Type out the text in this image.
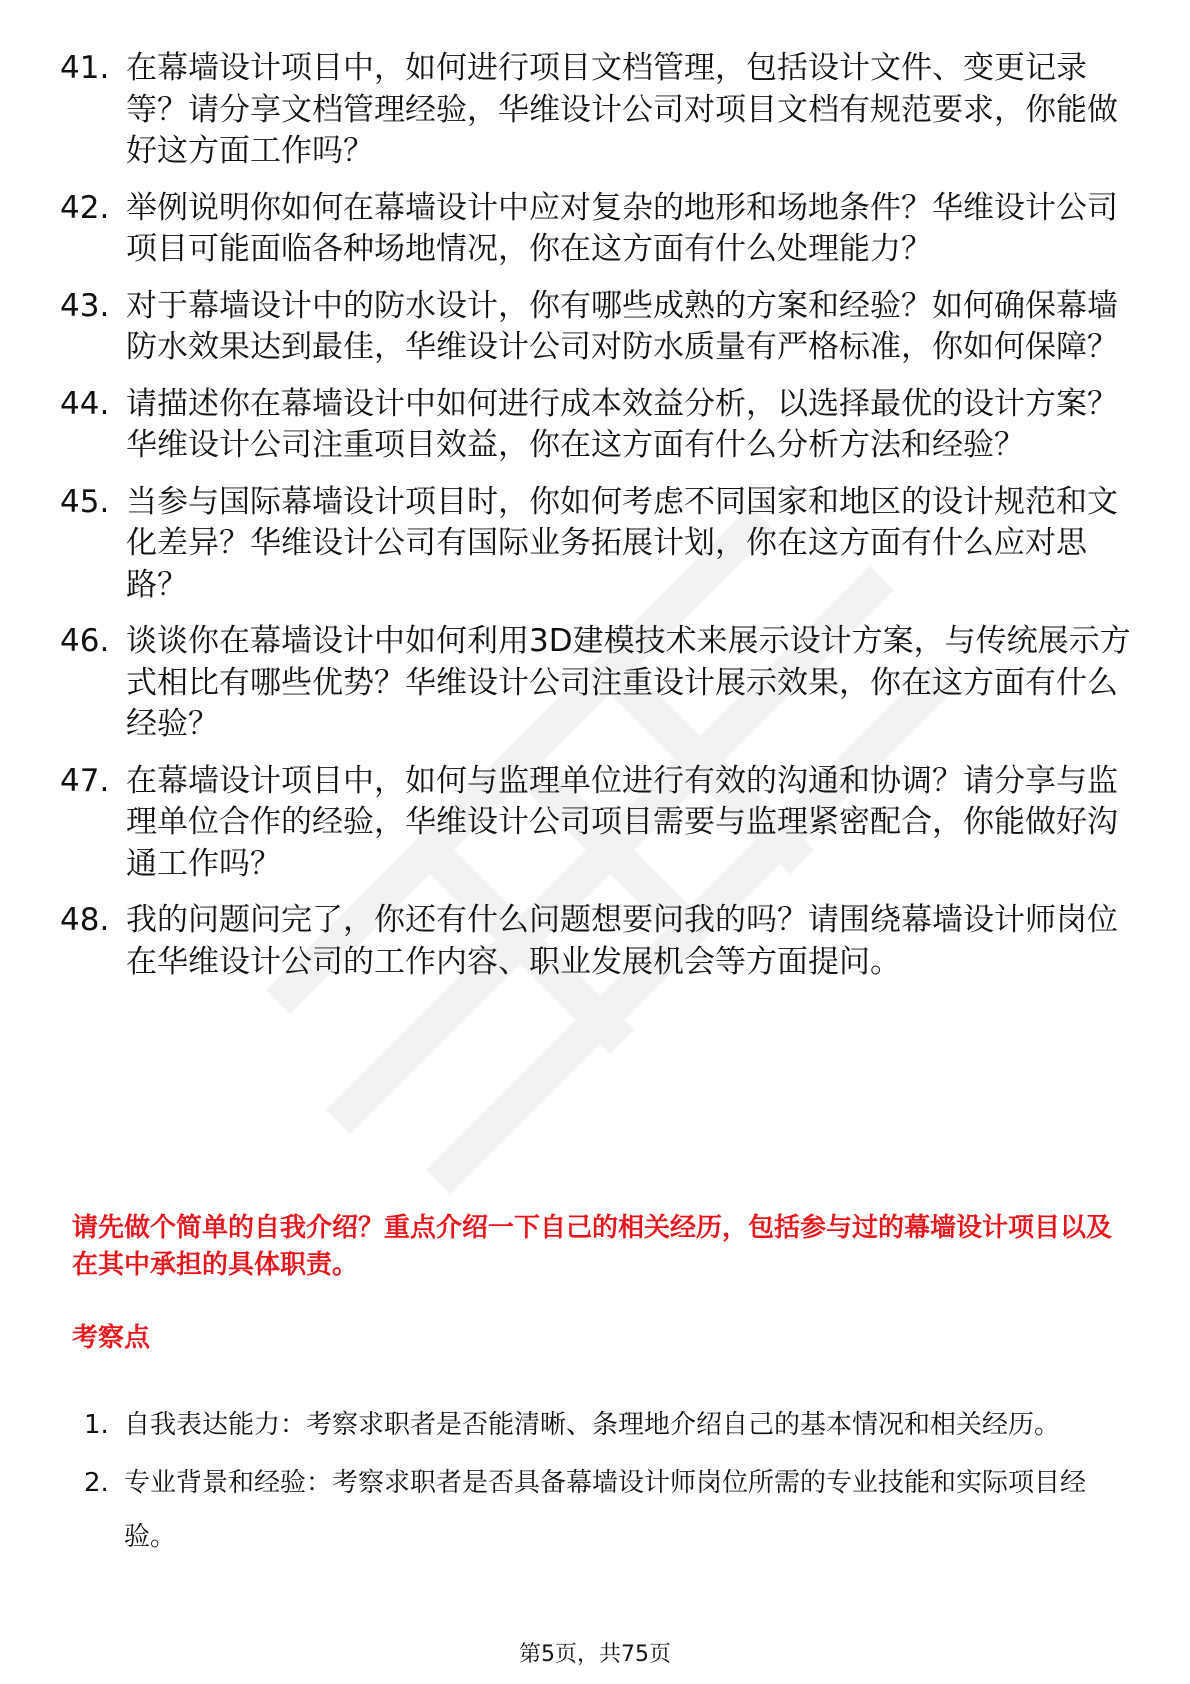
41. 在幕墙设计项目中，如何进行项目文档管理，包括设计文件、变更记录等？请分享文档管理经验，华维设计公司对项目文档有规范要求，你能做好这方面工作吗？
42. 举例说明你如何在幕墙设计中应对复杂的地形和场地条件？华维设计公司项目可能面临各种场地情况，你在这方面有什么处理能力？
43. 对于幕墙设计中的防水设计，你有哪些成熟的方案和经验？如何确保幕墙防水效果达到最佳，华维设计公司对防水质量有严格标准，你如何保障？
44. 请描述你在幕墙设计中如何进行成本效益分析，以选择最优的设计方案？华维设计公司注重项目效益，你在这方面有什么分析方法和经验？
45. 当参与国际幕墙设计项目时，你如何考虑不同国家和地区的设计规范和文化差异？华维设计公司有国际业务拓展计划，你在这方面有什么应对思路？
46. 谈谈你在幕墙设计中如何利用3D建模技术来展示设计方案，与传统展示方式相比有哪些优势？华维设计公司注重设计展示效果，你在这方面有什么经验？
47. 在幕墙设计项目中，如何与监理单位进行有效的沟通和协调？请分享与监理单位合作的经验，华维设计公司项目需要与监理紧密配合，你能做好沟通工作吗？
48. 我的问题问完了，你还有什么问题想要问我的吗？请围绕幕墙设计师岗位在华维设计公司的工作内容、职业发展机会等方面提问。
请先做个简单的自我介绍？重点介绍一下自己的相关经历，包括参与过的幕墙设计项目以及在其中承担的具体职责。
考察点
1. 自我表达能力：考察求职者是否能清晰、条理地介绍自己的基本情况和相关经历。
2. 专业背景和经验：考察求职者是否具备幕墙设计师岗位所需的专业技能和实际项目经验。
第5页，共75页
